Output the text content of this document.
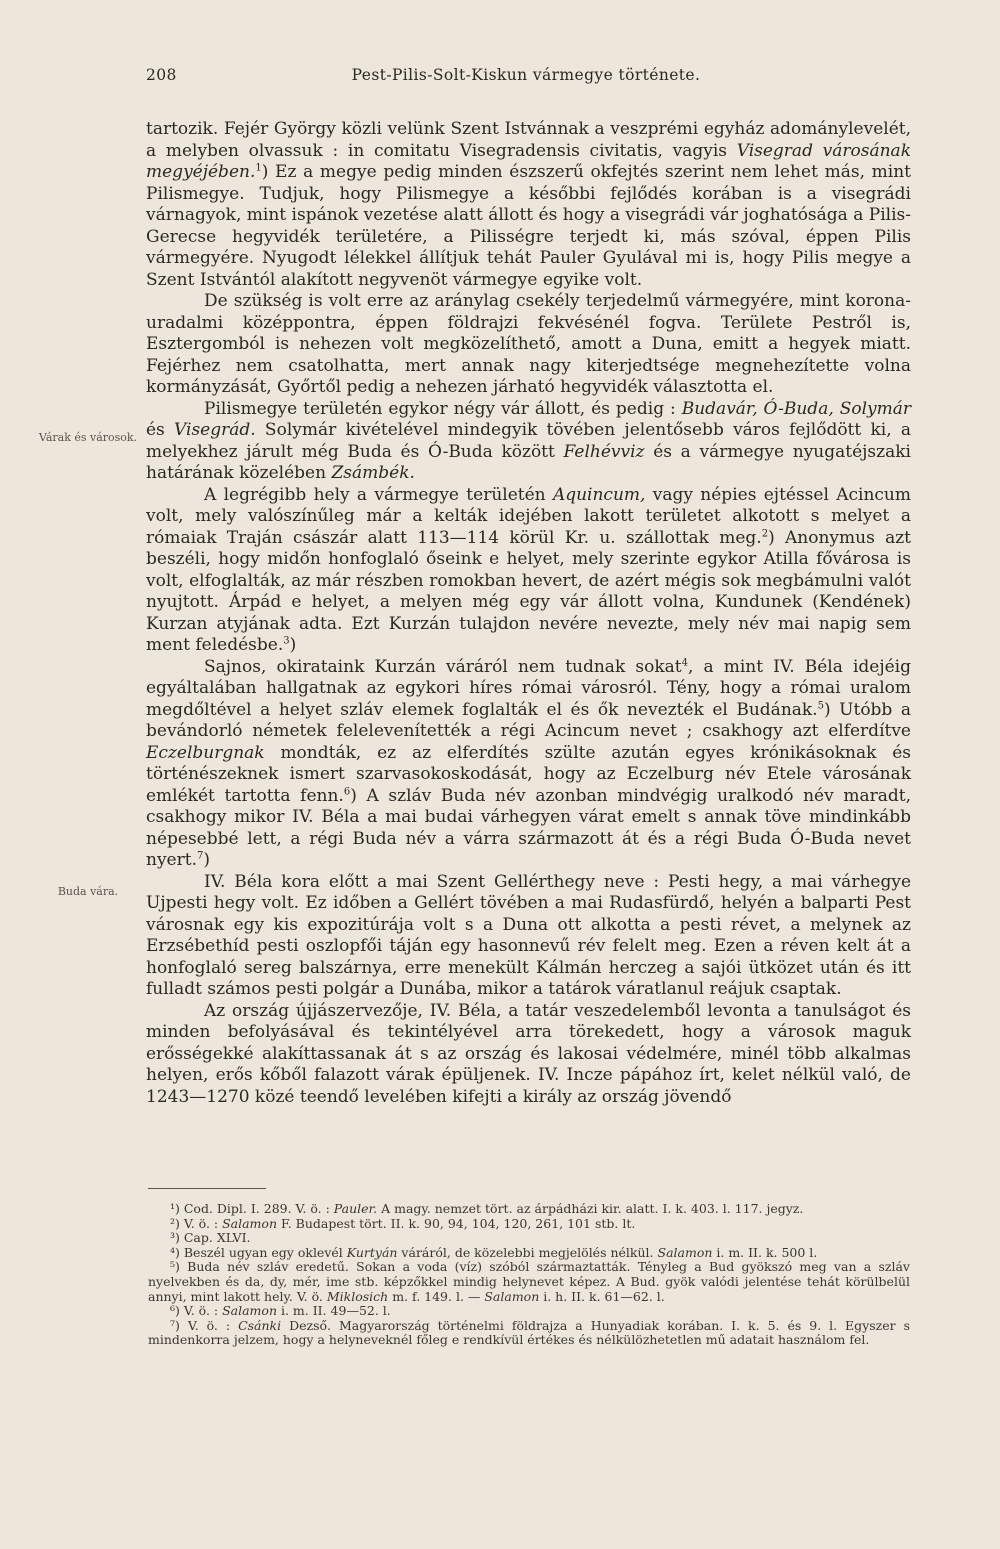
208	Pest-Pilis-Solt-Kiskun vármegye története.
Várak és városok.
Buda vára.

tartozik. Fejér György közli velünk Szent Istvánnak a veszprémi egyház adománylevelét, a melyben olvassuk : in comitatu Visegradensis civitatis, vagyis Visegrad városának megyéjében.$^1$) Ez a megye pedig minden észszerű okfejtés szerint nem lehet más, mint Pilismegye. Tudjuk, hogy Pilismegye a későbbi fejlődés korában is a visegrádi várnagyok, mint ispánok vezetése alatt állott és hogy a visegrádi vár joghatósága a Pilis-Gerecse hegyvidék területére, a Pilisségre terjedt ki, más szóval, éppen Pilis vármegyére. Nyugodt lélekkel állítjuk tehát Pauler Gyulával mi is, hogy Pilis megye a Szent Istvántól alakított negyvenöt vármegye egyike volt.

De szükség is volt erre az aránylag csekély terjedelmű vármegyére, mint korona-uradalmi középpontra, éppen földrajzi fekvésénél fogva. Területe Pestről is, Esztergomból is nehezen volt megközelíthető, amott a Duna, emitt a hegyek miatt. Fejérhez nem csatolhatta, mert annak nagy kiterjedtsége megnehezítette volna kormányzását, Győrtől pedig a nehezen járható hegyvidék választotta el.

Pilismegye területén egykor négy vár állott, és pedig : Budavár, Ó-Buda, Solymár és Visegrád. Solymár kivételével mindegyik tövében jelentősebb város fejlődött ki, a melyekhez járult még Buda és Ó-Buda között Felhévviz és a vármegye nyugatéjszaki határának közelében Zsámbék.

A legrégibb hely a vármegye területén Aquincum, vagy népies ejtéssel Acincum volt, mely valószínűleg már a kelták idejében lakott területet alkotott s melyet a rómaiak Traján császár alatt 113—114 körül Kr. u. szállottak meg.$^2$) Anonymus azt beszéli, hogy midőn honfoglaló őseink e helyet, mely szerinte egykor Atilla fővárosa is volt, elfoglalták, az már részben romokban hevert, de azért mégis sok megbámulni valót nyujtott. Árpád e helyet, a melyen még egy vár állott volna, Kundunek (Kendének) Kurzan atyjának adta. Ezt Kurzán tulajdon nevére nevezte, mely név mai napig sem ment feledésbe.$^3$)

Sajnos, okirataink Kurzán váráról nem tudnak sokat$^4$, a mint IV. Béla idejéig egyáltalában hallgatnak az egykori híres római városról. Tény, hogy a római uralom megdőltével a helyet szláv elemek foglalták el és ők nevezték el Budának.$^5$) Utóbb a bevándorló németek felelevenítették a régi Acincum nevet ; csakhogy azt elferdítve Eczelburgnak mondták, ez az elferdítés szülte azután egyes krónikásoknak és történészeknek ismert szarvasokoskodását, hogy az Eczelburg név Etele városának emlékét tartotta fenn.$^6$) A szláv Buda név azonban mindvégig uralkodó név maradt, csakhogy mikor IV. Béla a mai budai várhegyen várat emelt s annak töve mindinkább népesebbé lett, a régi Buda név a várra származott át és a régi Buda Ó-Buda nevet nyert.$^7$)

IV. Béla kora előtt a mai Szent Gellérthegy neve : Pesti hegy, a mai várhegye Ujpesti hegy volt. Ez időben a Gellért tövében a mai Rudasfürdő, helyén a balparti Pest városnak egy kis expozitúrája volt s a Duna ott alkotta a pesti révet, a melynek az Erzsébethíd pesti oszlopfői táján egy hasonnevű rév felelt meg. Ezen a réven kelt át a honfoglaló sereg balszárnya, erre menekült Kálmán herczeg a sajói ütközet után és itt fulladt számos pesti polgár a Dunába, mikor a tatárok váratlanul reájuk csaptak.

Az ország újjászervezője, IV. Béla, a tatár veszedelemből levonta a tanulságot és minden befolyásával és tekintélyével arra törekedett, hogy a városok maguk erősségekké alakíttassanak át s az ország és lakosai védelmére, minél több alkalmas helyen, erős kőből falazott várak épüljenek. IV. Incze pápához írt, kelet nélkül való, de 1243—1270 közé teendő levelében kifejti a király az ország jövendő

¹) Cod. Dipl. I. 289. V. ö. : Pauler. A magy. nemzet tört. az árpádházi kir. alatt. I. k. 403. l. 117. jegyz.

²) V. ö. : Salamon F. Budapest tört. II. k. 90, 94, 104, 120, 261, 101 stb. lt.

³) Cap. XLVI.

⁴) Beszél ugyan egy oklevél Kurtyán váráról, de közelebbi megjelölés nélkül. Salamon i. m. II. k. 500 l.

⁵) Buda név szláv eredetű. Sokan a voda (víz) szóból származtatták. Tényleg a Bud gyökszó meg van a szláv nyelvekben és da, dy, mér, ime stb. képzőkkel mindig helynevet képez. A Bud. gyök valódi jelentése tehát körülbelül annyi, mint lakott hely. V. ö. Miklosich m. f. 149. l. — Salamon i. h. II. k. 61—62. l.

⁶) V. ö. : Salamon i. m. II. 49—52. l.

⁷) V. ö. : Csánki Dezső. Magyarország történelmi földrajza a Hunyadiak korában. I. k. 5. és 9. l. Egyszer s mindenkorra jelzem, hogy a helyneveknél főleg e rendkívül értékes és nélkülözhetetlen mű adatait használom fel.
